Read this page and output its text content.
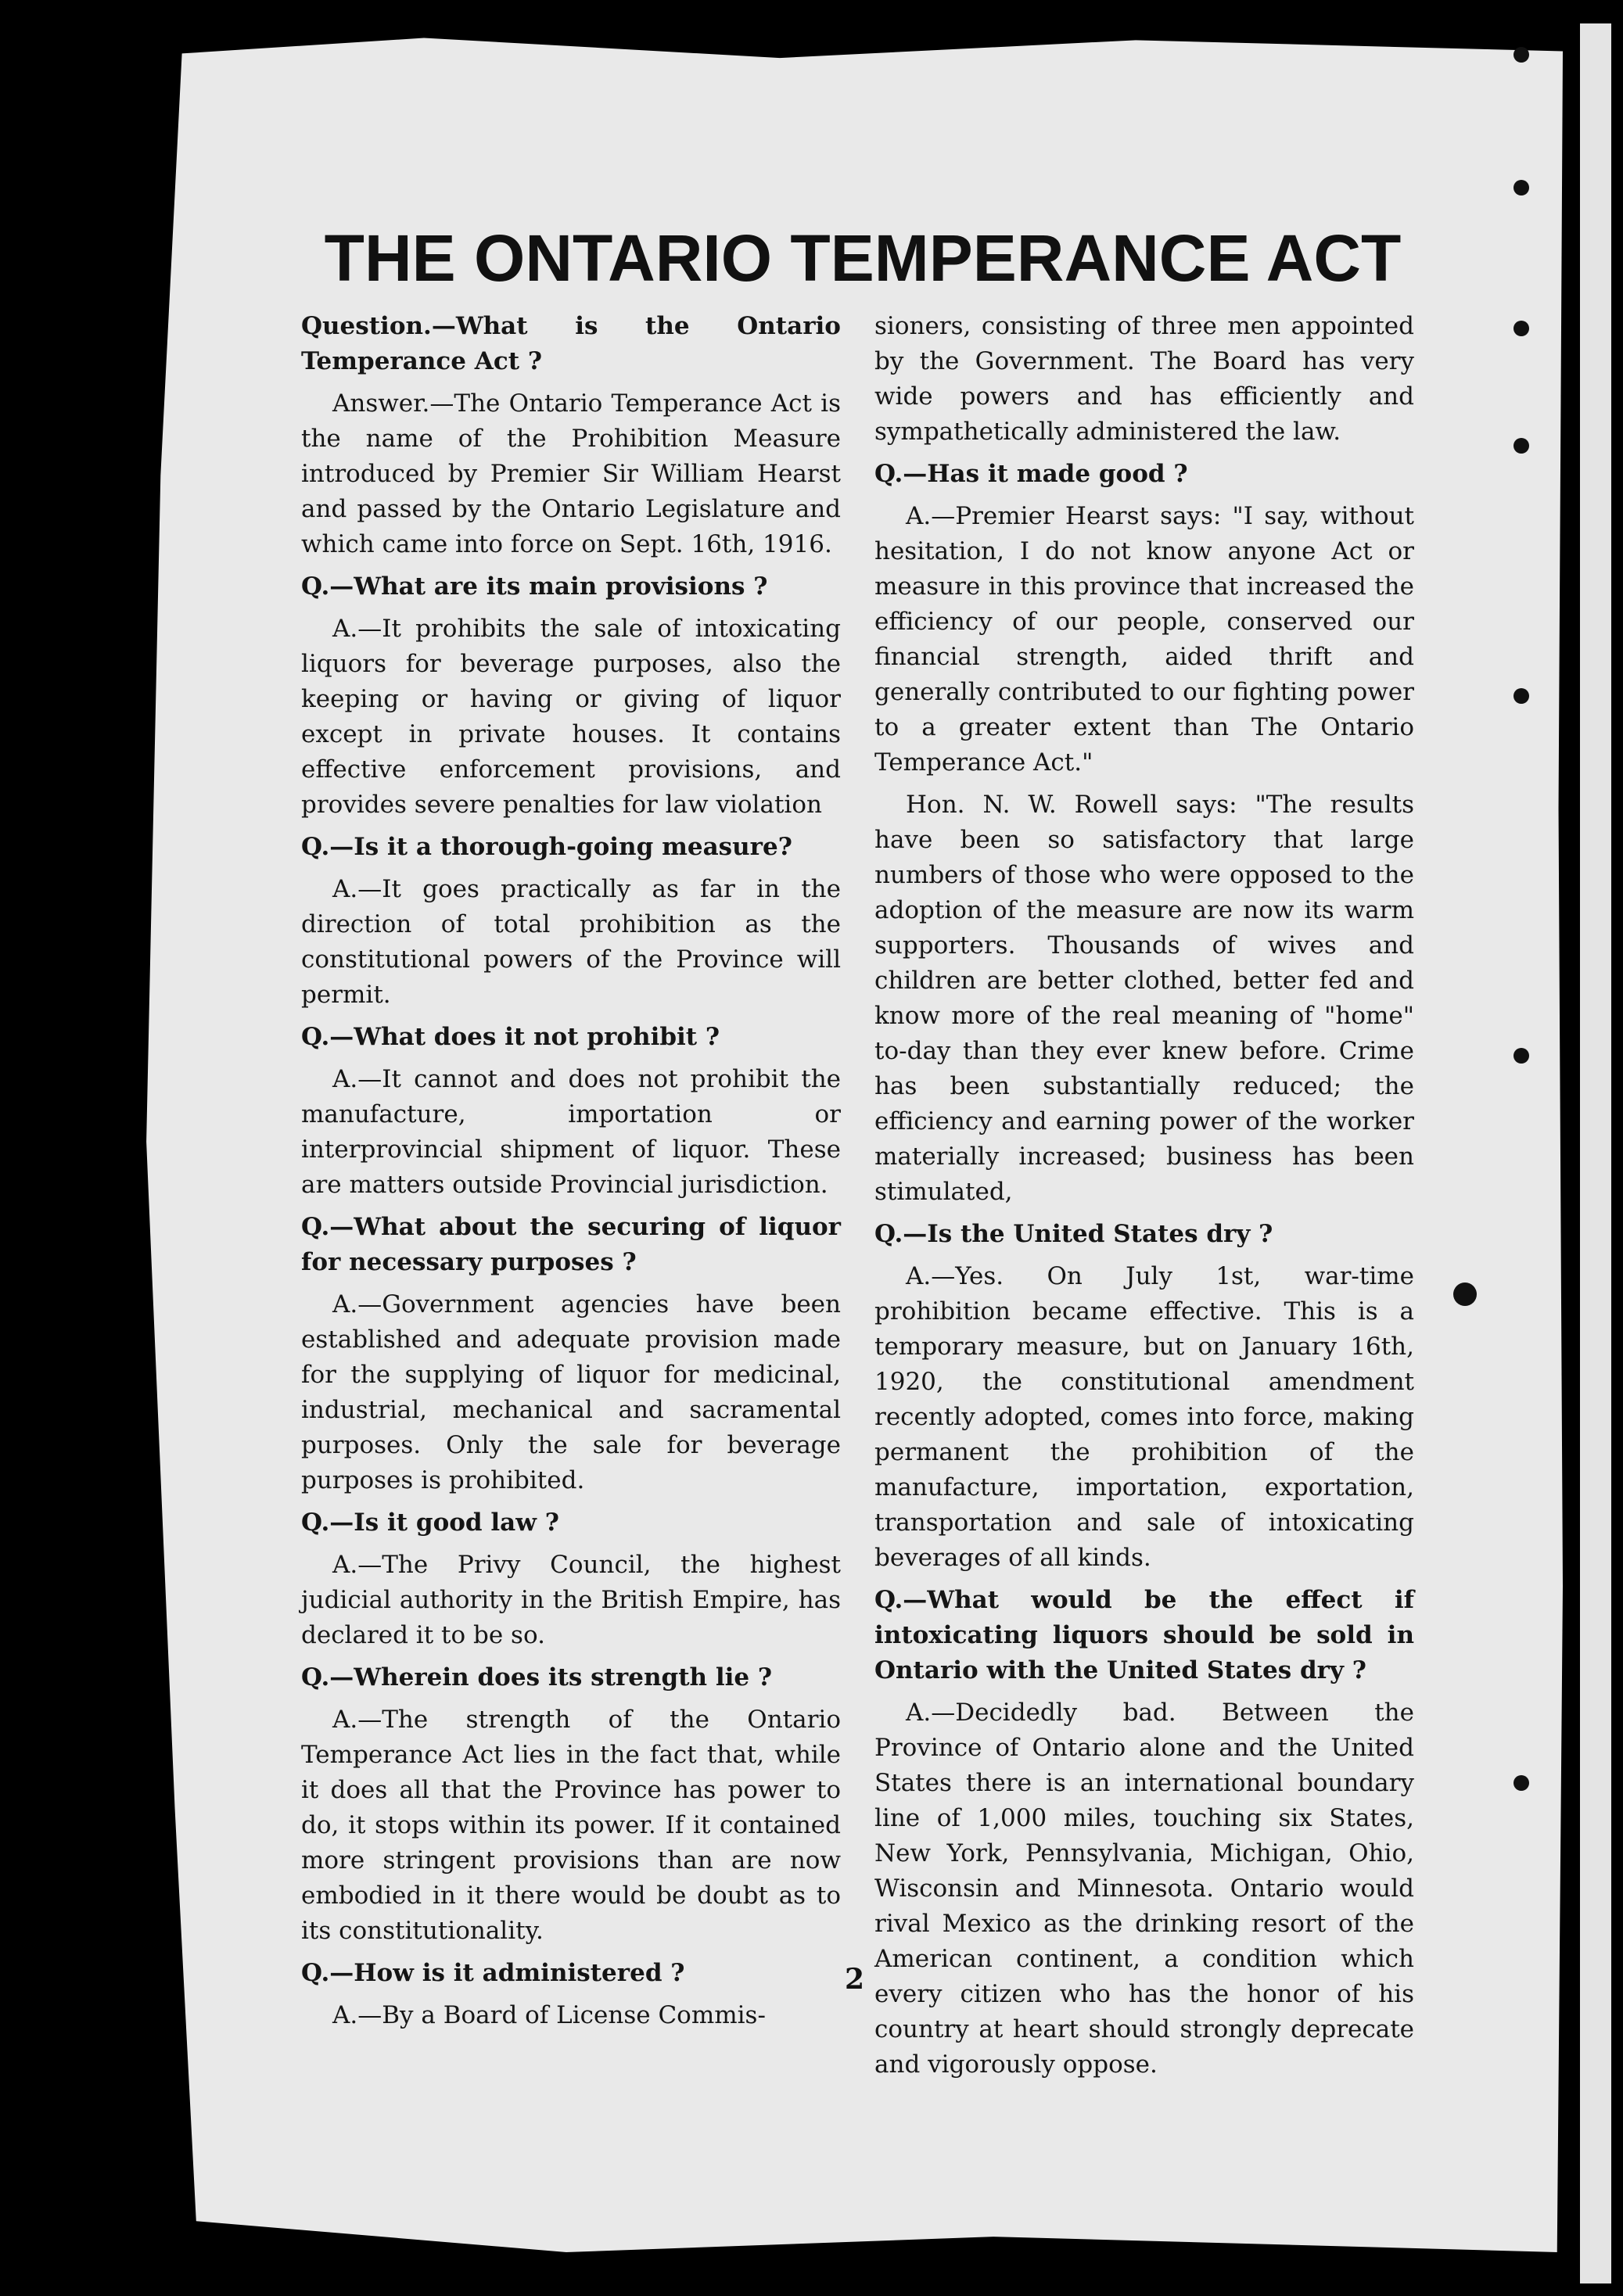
THE ONTARIO TEMPERANCE ACT

Question.—What is the Ontario Temperance Act ?

Answer.—The Ontario Temperance Act is the name of the Prohibition Measure introduced by Premier Sir William Hearst and passed by the Ontario Legislature and which came into force on Sept. 16th, 1916.

Q.—What are its main provisions ?

A.—It prohibits the sale of intoxicating liquors for beverage purposes, also the keeping or having or giving of liquor except in private houses. It contains effective enforcement provisions, and provides severe penalties for law violation

Q.—Is it a thorough-going measure?

A.—It goes practically as far in the direction of total prohibition as the constitutional powers of the Province will permit.

Q.—What does it not prohibit ?

A.—It cannot and does not prohibit the manufacture, importation or interprovincial shipment of liquor. These are matters outside Provincial jurisdiction.

Q.—What about the securing of liquor for necessary purposes ?

A.—Government agencies have been established and adequate provision made for the supplying of liquor for medicinal, industrial, mechanical and sacramental purposes. Only the sale for beverage purposes is prohibited.

Q.—Is it good law ?

A.—The Privy Council, the highest judicial authority in the British Empire, has declared it to be so.

Q.—Wherein does its strength lie ?

A.—The strength of the Ontario Temperance Act lies in the fact that, while it does all that the Province has power to do, it stops within its power. If it contained more stringent provisions than are now embodied in it there would be doubt as to its constitutionality.

Q.—How is it administered ?

A.—By a Board of License Commis-

sioners, consisting of three men appointed by the Government. The Board has very wide powers and has efficiently and sympathetically administered the law.

Q.—Has it made good ?

A.—Premier Hearst says: "I say, without hesitation, I do not know anyone Act or measure in this province that increased the efficiency of our people, conserved our financial strength, aided thrift and generally contributed to our fighting power to a greater extent than The Ontario Temperance Act."

Hon. N. W. Rowell says: "The results have been so satisfactory that large numbers of those who were opposed to the adoption of the measure are now its warm supporters. Thousands of wives and children are better clothed, better fed and know more of the real meaning of "home" to-day than they ever knew before. Crime has been substantially reduced; the efficiency and earning power of the worker materially increased; business has been stimulated,

Q.—Is the United States dry ?

A.—Yes. On July 1st, war-time prohibition became effective. This is a temporary measure, but on January 16th, 1920, the constitutional amendment recently adopted, comes into force, making permanent the prohibition of the manufacture, importation, exportation, transportation and sale of intoxicating beverages of all kinds.

Q.—What would be the effect if intoxicating liquors should be sold in Ontario with the United States dry ?

A.—Decidedly bad. Between the Province of Ontario alone and the United States there is an international boundary line of 1,000 miles, touching six States, New York, Pennsylvania, Michigan, Ohio, Wisconsin and Minnesota. Ontario would rival Mexico as the drinking resort of the American continent, a condition which every citizen who has the honor of his country at heart should strongly deprecate and vigorously oppose.

2
